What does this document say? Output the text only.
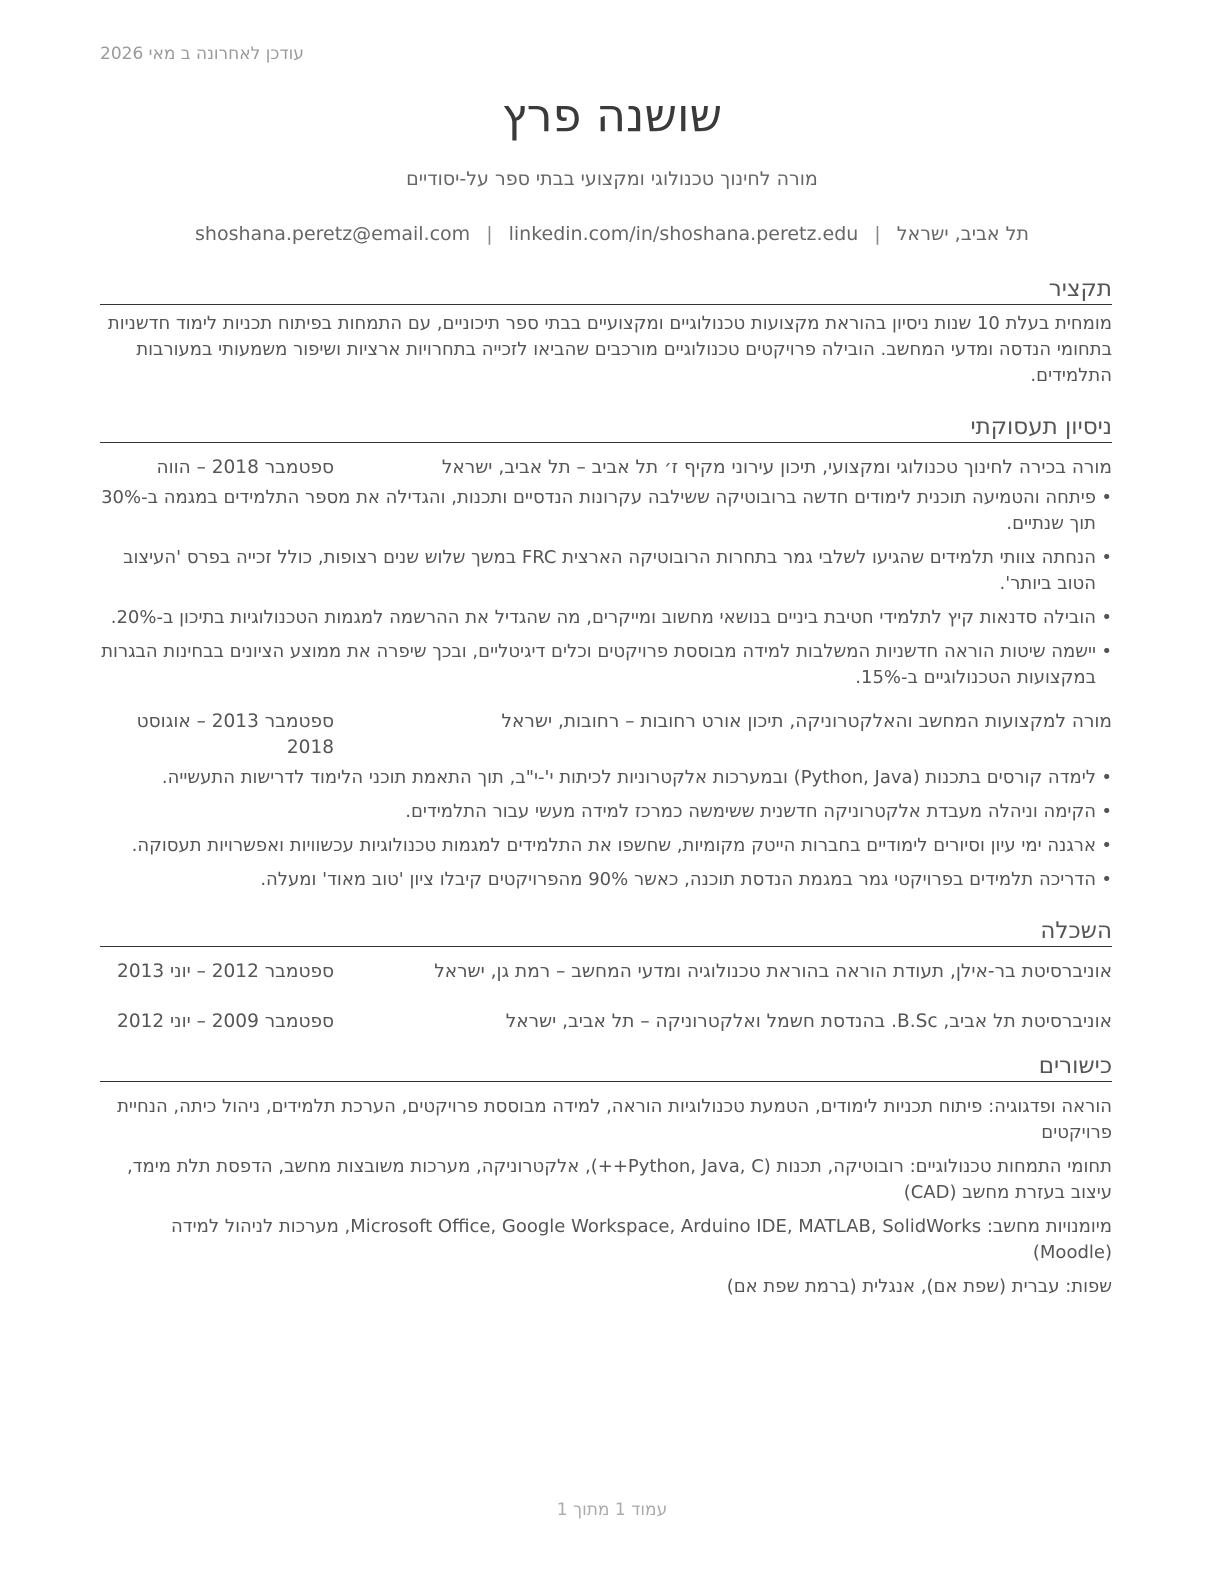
עודכן לאחרונה ב מאי 2026
שושנה פרץ
מורה לחינוך טכנולוגי ומקצועי בבתי ספר על-יסודיים
תל אביב, ישראל|shoshana.peretz@email.com | linkedin.com/in/shoshana.peretz.edu
תקציר

מומחית בעלת 10 שנות ניסיון בהוראת מקצועות טכנולוגיים ומקצועיים בבתי ספר תיכוניים, עם התמחות בפיתוח תכניות לימוד חדשניות בתחומי הנדסה ומדעי המחשב. הובילה פרויקטים טכנולוגיים מורכבים שהביאו לזכייה בתחרויות ארציות ושיפור משמעותי במעורבות התלמידים.

ניסיון תעסוקתי
מורה בכירה לחינוך טכנולוגי ומקצועי, תיכון עירוני מקיף ז׳ תל אביב – תל אביב, ישראל
ספטמבר 2018 – הווה
• פיתחה והטמיעה תוכנית לימודים חדשה ברובוטיקה ששילבה עקרונות הנדסיים ותכנות, והגדילה את מספר התלמידים במגמה ב-30% תוך שנתיים.
• הנחתה צוותי תלמידים שהגיעו לשלבי גמר בתחרות הרובוטיקה הארצית FRC במשך שלוש שנים רצופות, כולל זכייה בפרס 'העיצוב הטוב ביותר'.
• הובילה סדנאות קיץ לתלמידי חטיבת ביניים בנושאי מחשוב ומייקרים, מה שהגדיל את ההרשמה למגמות הטכנולוגיות בתיכון ב-20%.
• יישמה שיטות הוראה חדשניות המשלבות למידה מבוססת פרויקטים וכלים דיגיטליים, ובכך שיפרה את ממוצע הציונים בבחינות הבגרות במקצועות הטכנולוגיים ב-15%.
מורה למקצועות המחשב והאלקטרוניקה, תיכון אורט רחובות – רחובות, ישראל
ספטמבר 2013 – אוגוסט 2018
• לימדה קורסים בתכנות (Python, Java) ובמערכות אלקטרוניות לכיתות י'-י"ב, תוך התאמת תוכני הלימוד לדרישות התעשייה.
• הקימה וניהלה מעבדת אלקטרוניקה חדשנית ששימשה כמרכז למידה מעשי עבור התלמידים.
• ארגנה ימי עיון וסיורים לימודיים בחברות הייטק מקומיות, שחשפו את התלמידים למגמות טכנולוגיות עכשוויות ואפשרויות תעסוקה.
• הדריכה תלמידים בפרויקטי גמר במגמת הנדסת תוכנה, כאשר 90% מהפרויקטים קיבלו ציון 'טוב מאוד' ומעלה.
השכלה
אוניברסיטת בר-אילן, תעודת הוראה בהוראת טכנולוגיה ומדעי המחשב – רמת גן, ישראל
ספטמבר 2012 – יוני 2013
אוניברסיטת תל אביב, B.Sc. בהנדסת חשמל ואלקטרוניקה – תל אביב, ישראל
ספטמבר 2009 – יוני 2012
כישורים

הוראה ופדגוגיה: פיתוח תכניות לימודים, הטמעת טכנולוגיות הוראה, למידה מבוססת פרויקטים, הערכת תלמידים, ניהול כיתה, הנחיית פרויקטים

תחומי התמחות טכנולוגיים: רובוטיקה, תכנות (Python, Java, C++), אלקטרוניקה, מערכות משובצות מחשב, הדפסת תלת מימד, עיצוב בעזרת מחשב (CAD)

מיומנויות מחשב: Microsoft Office, Google Workspace, Arduino IDE, MATLAB, SolidWorks, מערכות לניהול למידה (Moodle)

שפות: עברית (שפת אם), אנגלית (ברמת שפת אם)

עמוד 1 מתוך 1
